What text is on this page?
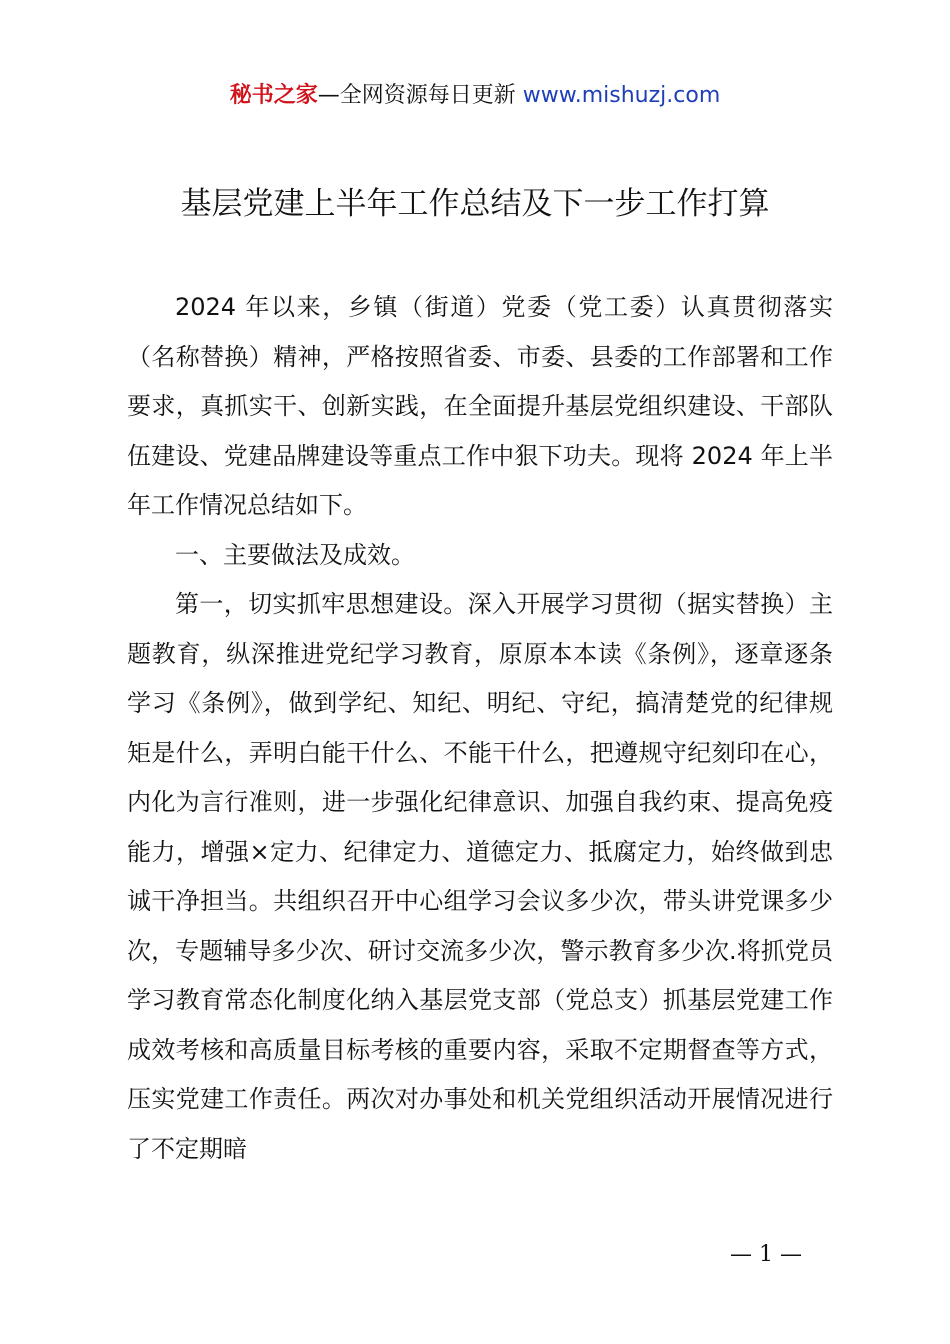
秘书之家—全网资源每日更新 www.mishuzj.com
基层党建上半年工作总结及下一步工作打算

2024 年以来，乡镇（街道）党委（党工委）认真贯彻落实（名称替换）精神，严格按照省委、市委、县委的工作部署和工作要求，真抓实干、创新实践，在全面提升基层党组织建设、干部队伍建设、党建品牌建设等重点工作中狠下功夫。现将 2024 年上半年工作情况总结如下。

一、主要做法及成效。

第一，切实抓牢思想建设。深入开展学习贯彻（据实替换）主题教育，纵深推进党纪学习教育，原原本本读《条例》，逐章逐条学习《条例》，做到学纪、知纪、明纪、守纪，搞清楚党的纪律规矩是什么，弄明白能干什么、不能干什么，把遵规守纪刻印在心，内化为言行准则，进一步强化纪律意识、加强自我约束、提高免疫能力，增强×定力、纪律定力、道德定力、抵腐定力，始终做到忠诚干净担当。共组织召开中心组学习会议多少次，带头讲党课多少次，专题辅导多少次、研讨交流多少次，警示教育多少次.将抓党员学习教育常态化制度化纳入基层党支部（党总支）抓基层党建工作成效考核和高质量目标考核的重要内容，采取不定期督查等方式，压实党建工作责任。两次对办事处和机关党组织活动开展情况进行了不定期暗

— 1 —
